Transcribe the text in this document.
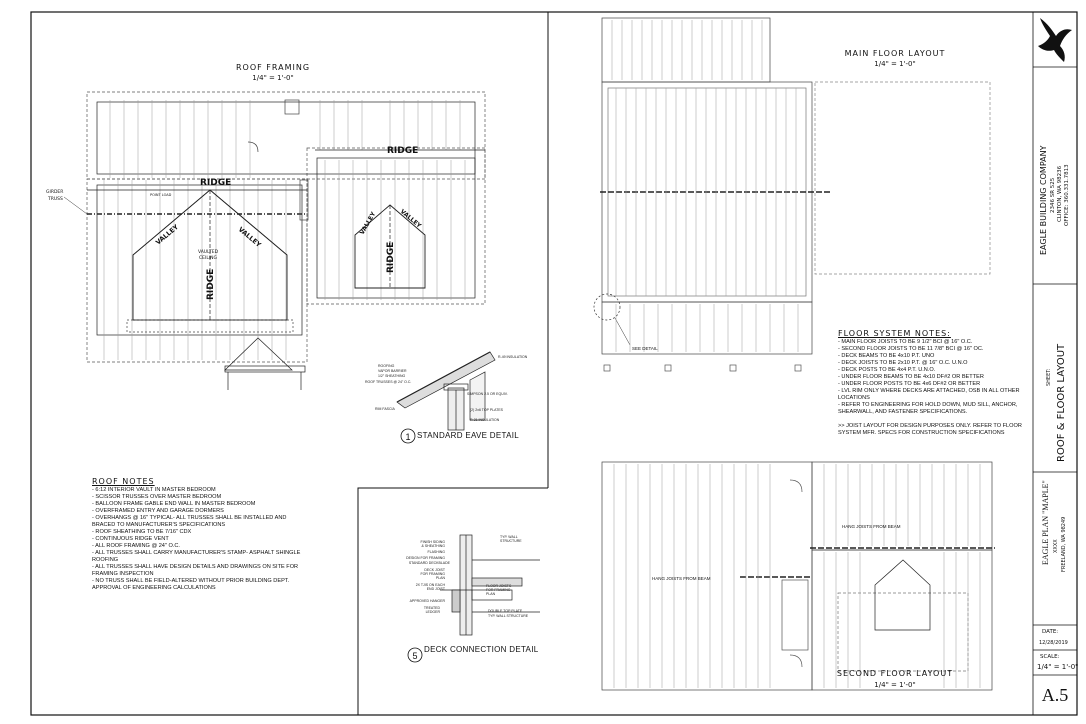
ROOF FRAMING
1/4" = 1'-0"
GIRDER
TRUSS
POINT LOAD
RIDGE
RIDGE
RIDGE
RIDGE
VALLEY	VALLEY
VALLEY	VALLEY
VAULTED
CEILING
ROOFING
VAPOR BARRIER
1/2" SHEATHING
ROOF TRUSSES @ 24" O.C.
R-49 INSULATION
SIMPSON 2.5 OR EQUIV.
(2) 2x6 TOP PLATES
R-21 INSULATION
RIM FASCIA
1 STANDARD EAVE DETAIL
FINISH SIDING
& SHEATHING
FLASHING
DESIGN FOR FRAMING
STANDARD DECKBLADE
DECK JOIST
FOR FRAMING
PLAN
2X TJIS ON EACH
END JOIST
APPROVED HANGER
TREATED
LEDGER
TYP. WALL
STRUCTURE
FLOOR JOISTS
FOR FRAMING
PLAN
DOUBLE TOP PLATE
TYP. WALL STRUCTURE
5
DECK CONNECTION DETAIL
MAIN FLOOR LAYOUT
1/4" = 1'-0"
SEE DETAIL
HANG JOISTS FROM BEAM
HANG JOISTS FROM BEAM
SECOND FLOOR LAYOUT
1/4" = 1'-0"
EAGLE BUILDING COMPANY 2346 SR 525 CLINTON, WA 98236 OFFICE: 360.331.7813
SHEET: ROOF & FLOOR LAYOUT
EAGLE PLAN "MAPLE" XXXX FREELAND, WA 98249
DATE:
12/28/2019
SCALE:
1/4" = 1'-0"
A.5
ROOF NOTES
- 6:12 INTERIOR VAULT IN MASTER BEDROOM
- SCISSOR TRUSSES OVER MASTER BEDROOM
- BALLOON FRAME GABLE END WALL IN MASTER BEDROOM
- OVERFRAMED ENTRY AND GARAGE DORMERS
- OVERHANGS @ 16" TYPICAL- ALL TRUSSES SHALL BE INSTALLED AND
BRACED TO MANUFACTURER'S SPECIFICATIONS
- ROOF SHEATHING TO BE 7/16" CDX
- CONTINUOUS RIDGE VENT
- ALL ROOF FRAMING @ 24" O.C.
- ALL TRUSSES SHALL CARRY MANUFACTURER'S STAMP- ASPHALT SHINGLE
ROOFING
- ALL TRUSSES SHALL HAVE DESIGN DETAILS AND DRAWINGS ON SITE FOR
FRAMING INSPECTION
- NO TRUSS SHALL BE FIELD-ALTERED WITHOUT PRIOR BUILDING DEPT.
APPROVAL OF ENGINEERING CALCULATIONS
FLOOR SYSTEM NOTES:
- MAIN FLOOR JOISTS TO BE 9 1/2" BCI @ 16" O.C.
- SECOND FLOOR JOISTS TO BE 11 7/8" BCI @ 16" OC.
- DECK BEAMS TO BE 4x10 P.T. UNO
- DECK JOISTS TO BE 2x10 P.T. @ 16" O.C. U.N.O
- DECK POSTS TO BE 4x4 P.T. U.N.O.
- UNDER FLOOR BEAMS TO BE 4x10 DF#2 OR BETTER
- UNDER FLOOR POSTS TO BE 4x6 DF#2 OR BETTER
- LVL RIM ONLY WHERE DECKS ARE ATTACHED, OSB IN ALL OTHER
LOCATIONS
- REFER TO ENGINEERING FOR HOLD DOWN, MUD SILL, ANCHOR,
SHEARWALL, AND FASTENER SPECIFICATIONS.

>> JOIST LAYOUT FOR DESIGN PURPOSES ONLY. REFER TO FLOOR
SYSTEM MFR. SPECS FOR CONSTRUCTION SPECIFICATIONS
